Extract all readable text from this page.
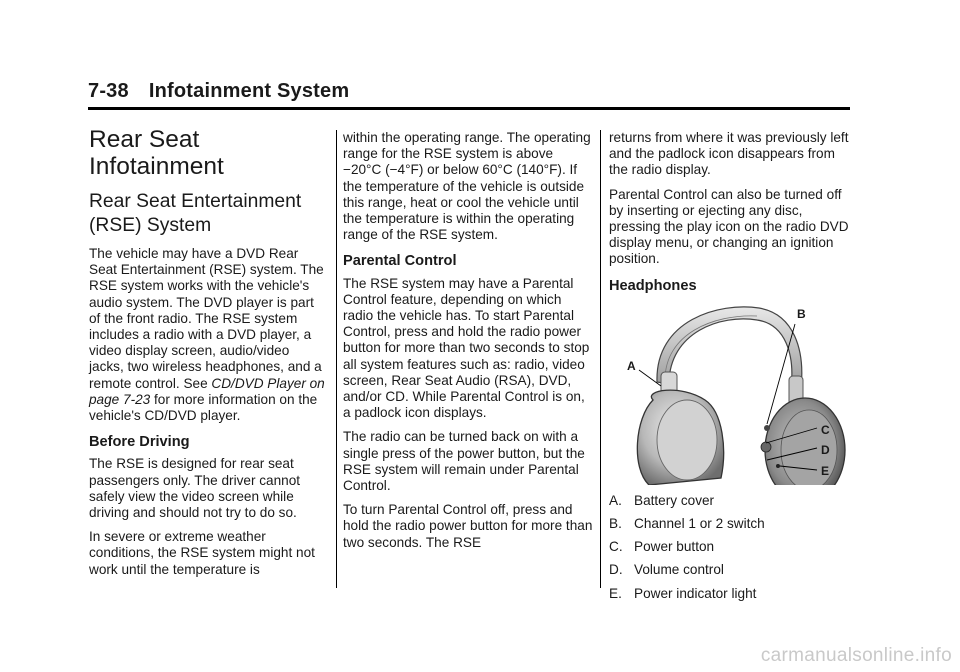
7-38 Infotainment System
Rear Seat Infotainment
Rear Seat Entertainment (RSE) System

The vehicle may have a DVD Rear Seat Entertainment (RSE) system. The RSE system works with the vehicle's audio system. The DVD player is part of the front radio. The RSE system includes a radio with a DVD player, a video display screen, audio/video jacks, two wireless headphones, and a remote control. See CD/DVD Player on page 7-23 for more information on the vehicle's CD/DVD player.

Before Driving

The RSE is designed for rear seat passengers only. The driver cannot safely view the video screen while driving and should not try to do so.

In severe or extreme weather conditions, the RSE system might not work until the temperature is

within the operating range. The operating range for the RSE system is above −20°C (−4°F) or below 60°C (140°F). If the temperature of the vehicle is outside this range, heat or cool the vehicle until the temperature is within the operating range of the RSE system.

Parental Control

The RSE system may have a Parental Control feature, depending on which radio the vehicle has. To start Parental Control, press and hold the radio power button for more than two seconds to stop all system features such as: radio, video screen, Rear Seat Audio (RSA), DVD, and/or CD. While Parental Control is on, a padlock icon displays.

The radio can be turned back on with a single press of the power button, but the RSE system will remain under Parental Control.

To turn Parental Control off, press and hold the radio power button for more than two seconds. The RSE

returns from where it was previously left and the padlock icon disappears from the radio display.

Parental Control can also be turned off by inserting or ejecting any disc, pressing the play icon on the radio DVD display menu, or changing an ignition position.

Headphones
A
B
C
D
E
A. Battery cover
B. Channel 1 or 2 switch
C. Power button
D. Volume control
E. Power indicator light
carmanualsonline.info
